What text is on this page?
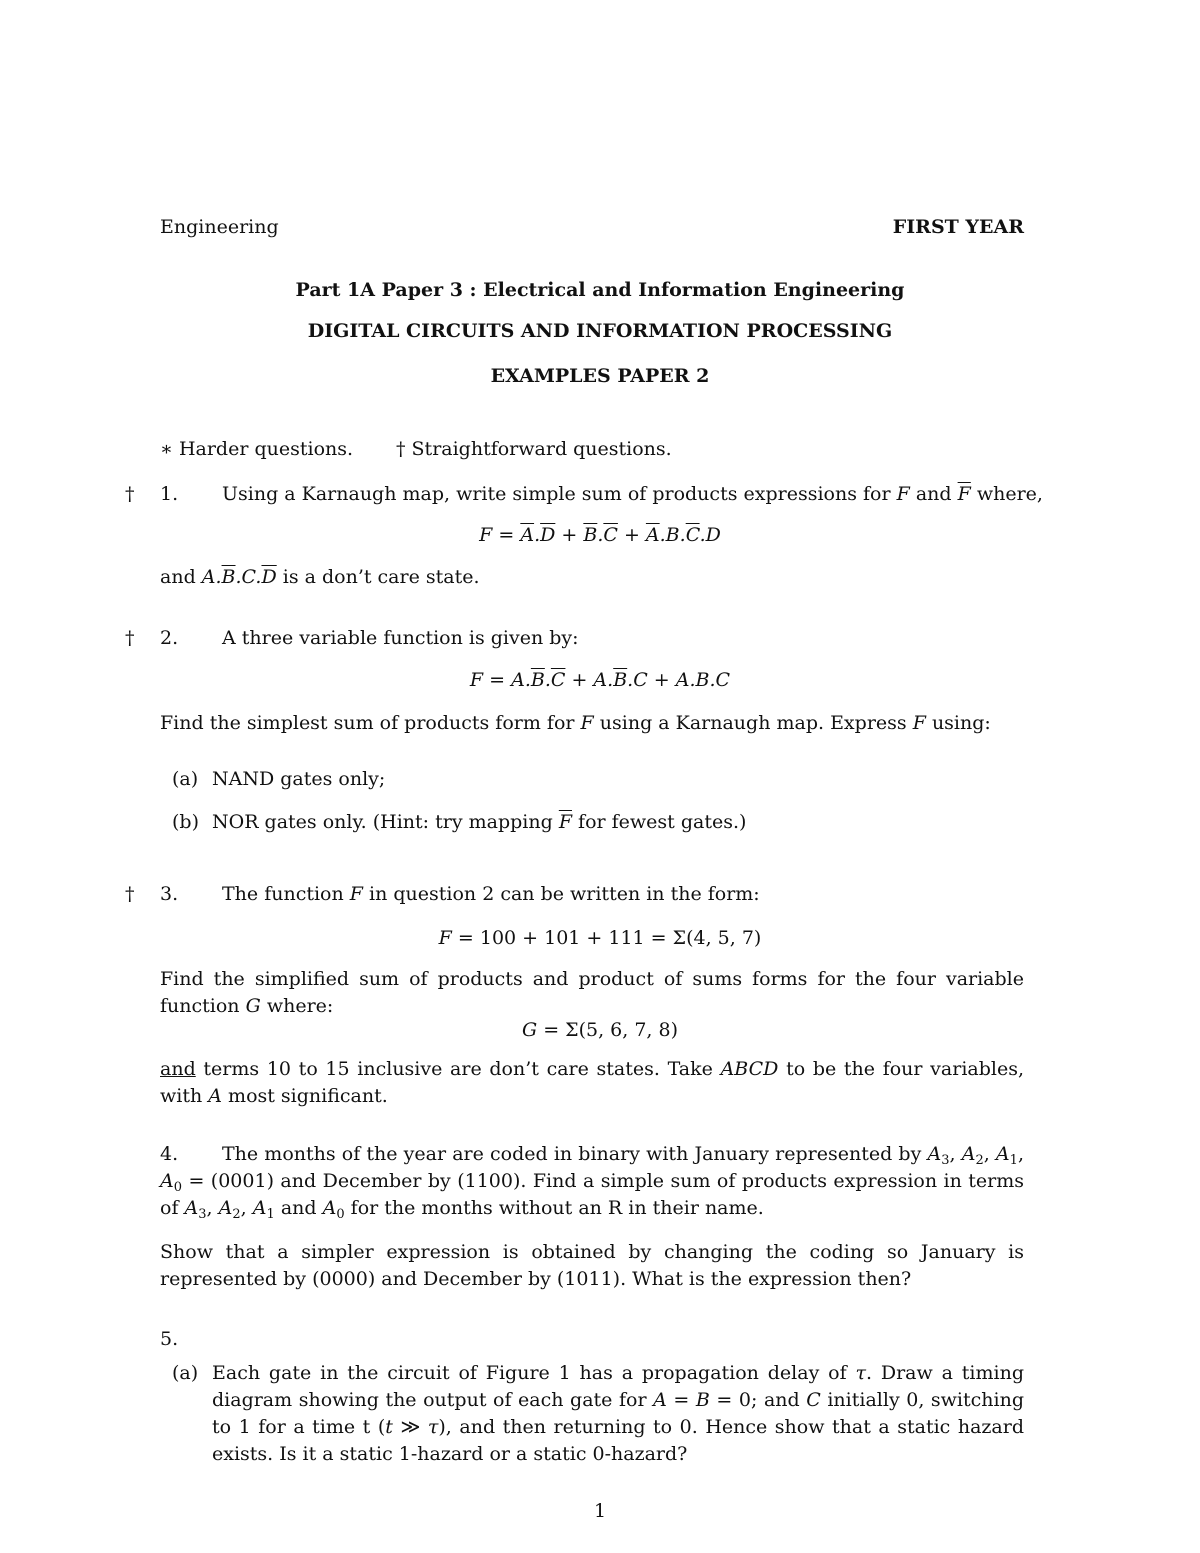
Engineering	FIRST YEAR
Part 1A Paper 3 : Electrical and Information Engineering
DIGITAL CIRCUITS AND INFORMATION PROCESSING
EXAMPLES PAPER 2
∗ Harder questions. † Straightforward questions.
† 1. Using a Karnaugh map, write simple sum of products expressions for F and $\overline{F}$ where,
$F = \overline{A}.\overline{D} + \overline{B}.\overline{C} + \overline{A}.B.\overline{C}.D$
and $A.\overline{B}.C.\overline{D}$ is a don’t care state.
† 2. A three variable function is given by:
$F = A.\overline{B}.\overline{C} + A.\overline{B}.C + A.B.C$
Find the simplest sum of products form for F using a Karnaugh map. Express F using:
(a) NAND gates only;
(b) NOR gates only. (Hint: try mapping $\overline{F}$ for fewest gates.)
† 3. The function F in question 2 can be written in the form:
F = 100 + 101 + 111 = Σ(4, 5, 7)
Find the simplified sum of products and product of sums forms for the four variable function G where:
G = Σ(5, 6, 7, 8)
and terms 10 to 15 inclusive are don’t care states. Take ABCD to be the four variables, with A most significant.
4.	The months of the year are coded in binary with January represented by $A_3$, $A_2$, $A_1$, $A_0 = (0001)$ and December by (1100). Find a simple sum of products expression in terms of $A_3$, $A_2$, $A_1$ and $A_0$ for the months without an R in their name.
Show that a simpler expression is obtained by changing the coding so January is represented by (0000) and December by (1011). What is the expression then?
5.
(a) Each gate in the circuit of Figure 1 has a propagation delay of τ. Draw a timing diagram showing the output of each gate for A = B = 0; and C initially 0, switching to 1 for a time t (t ≫ τ), and then returning to 0. Hence show that a static hazard exists. Is it a static 1-hazard or a static 0-hazard?
1
